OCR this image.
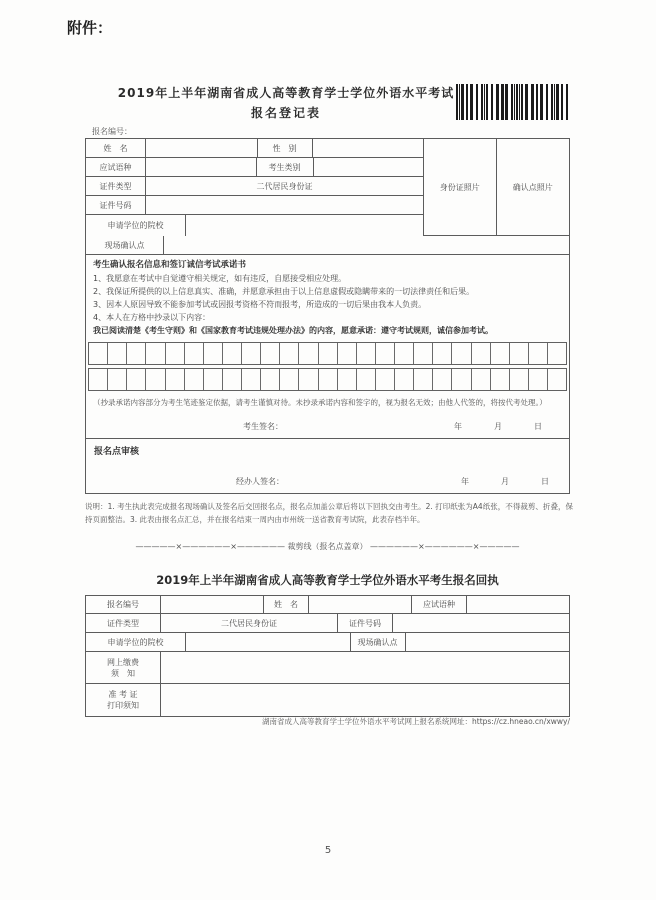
附件：
2019年上半年湖南省成人高等教育学士学位外语水平考试
报名登记表
报名编号：
姓　名	性　别
应试语种	考生类别
证件类型	二代居民身份证
证件号码
申请学位的院校
身份证照片	确认点照片
现场确认点
考生确认报名信息和签订诚信考试承诺书
1、我愿意在考试中自觉遵守相关规定，如有违反，自愿接受相应处理。
2、我保证所提供的以上信息真实、准确，并愿意承担由于以上信息虚假或隐瞒带来的一切法律责任和后果。
3、因本人原因导致不能参加考试或因报考资格不符而报考，所造成的一切后果由我本人负责。
4、本人在方格中抄录以下内容：
我已阅读清楚《考生守则》和《国家教育考试违规处理办法》的内容，愿意承诺：遵守考试规则，诚信参加考试。
（抄录承诺内容部分为考生笔迹鉴定依据，请考生谨慎对待。未抄录承诺内容和签字的，视为报名无效；由他人代签的，将按代考处理。）
考生签名：	年　　　月　　　日
报名点审核
经办人签名：	年　　　月　　　日
说明：1. 考生执此表完成报名现场确认及签名后交回报名点，报名点加盖公章后将以下回执交由考生。2. 打印纸张为A4纸张，不得裁剪、折叠，保持页面整洁。3. 此表由报名点汇总，并在报名结束一周内由市州统一送省教育考试院，此表存档半年。
—————×——————×—————— 裁剪线（报名点盖章） ——————×——————×—————
2019年上半年湖南省成人高等教育学士学位外语水平考生报名回执
报名编号	姓　名	应试语种
证件类型	二代居民身份证	证件号码
申请学位的院校	现场确认点
网上缴费
须　知
准 考 证
打印须知
湖南省成人高等教育学士学位外语水平考试网上报名系统网址：https://cz.hneao.cn/xwwy/
5
